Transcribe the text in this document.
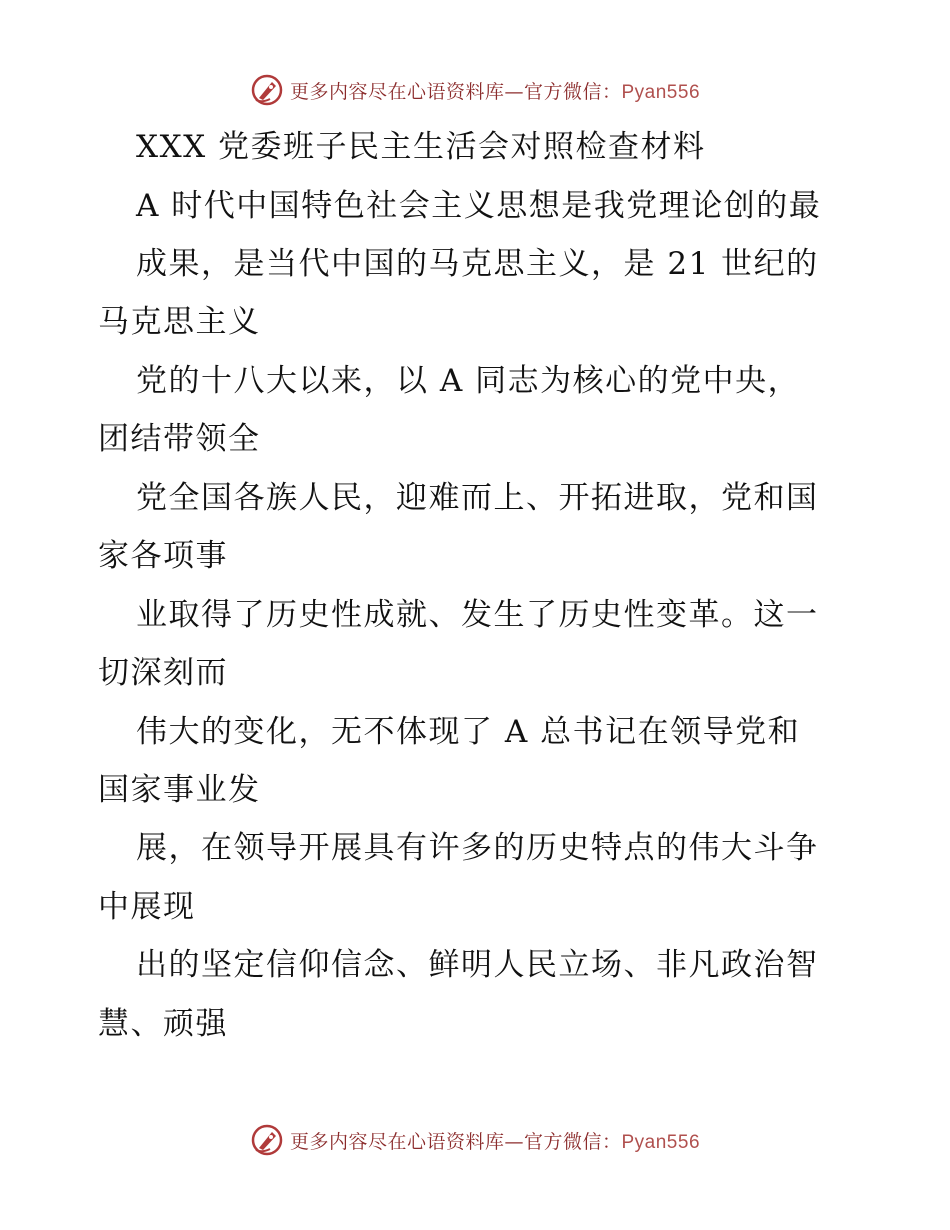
更多内容尽在心语资料库—官方微信：Pyan556
XXX 党委班子民主生活会对照检查材料
A 时代中国特色社会主义思想是我党理论创的最
成果，是当代中国的马克思主义，是 21 世纪的
马克思主义
党的十八大以来，以 A 同志为核心的党中央，
团结带领全
党全国各族人民，迎难而上、开拓进取，党和国
家各项事
业取得了历史性成就、发生了历史性变革。这一
切深刻而
伟大的变化，无不体现了 A 总书记在领导党和
国家事业发
展，在领导开展具有许多的历史特点的伟大斗争
中展现
出的坚定信仰信念、鲜明人民立场、非凡政治智
慧、顽强
更多内容尽在心语资料库—官方微信：Pyan556
